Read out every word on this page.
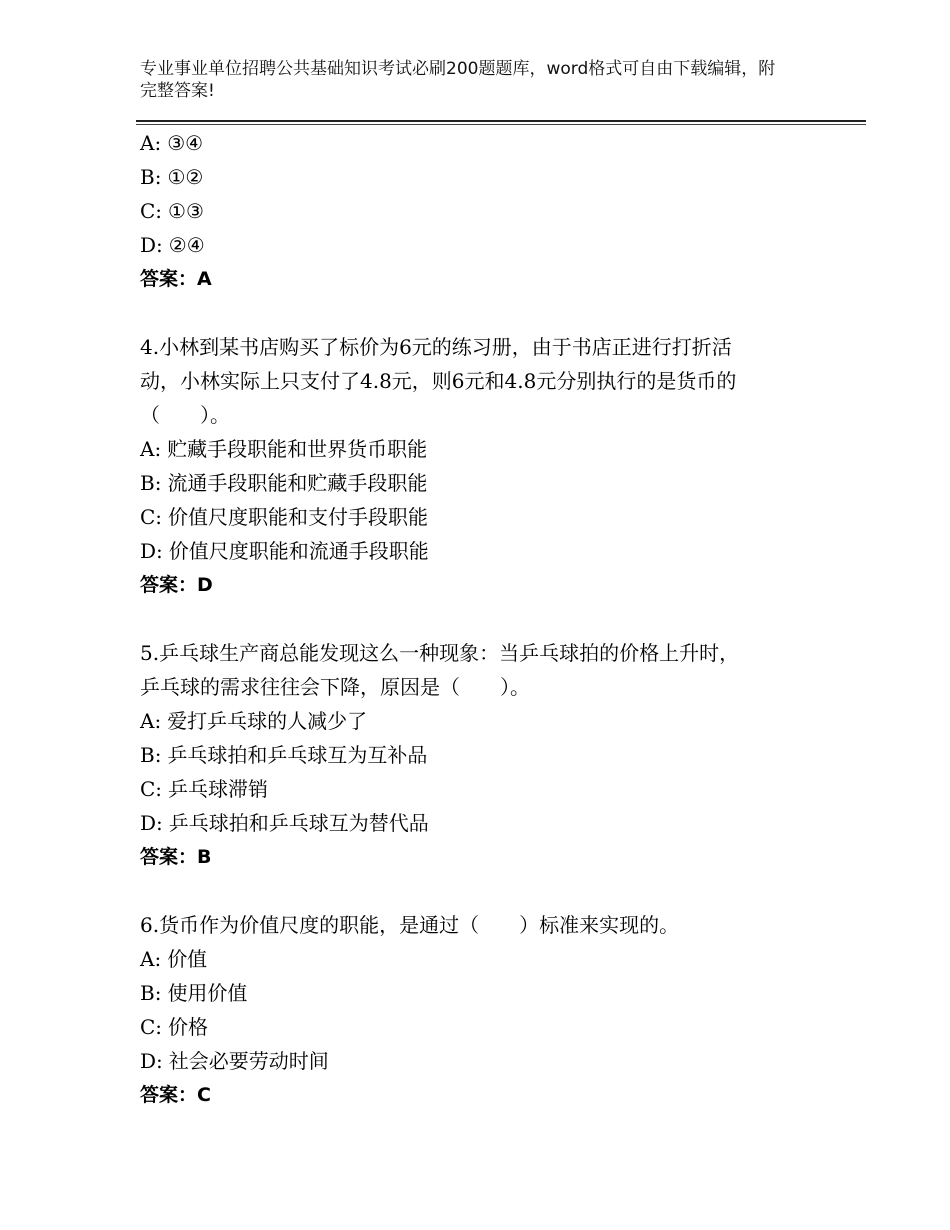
专业事业单位招聘公共基础知识考试必刷200题题库，word格式可自由下载编辑，附完整答案!
A: ③④
B: ①②
C: ①③
D: ②④
答案：A
4.小林到某书店购买了标价为6元的练习册，由于书店正进行打折活
动，小林实际上只支付了4.8元，则6元和4.8元分别执行的是货币的
（　　）。
A: 贮藏手段职能和世界货币职能
B: 流通手段职能和贮藏手段职能
C: 价值尺度职能和支付手段职能
D: 价值尺度职能和流通手段职能
答案：D
5.乒乓球生产商总能发现这么一种现象：当乒乓球拍的价格上升时，
乒乓球的需求往往会下降，原因是（　　）。
A: 爱打乒乓球的人减少了
B: 乒乓球拍和乒乓球互为互补品
C: 乒乓球滞销
D: 乒乓球拍和乒乓球互为替代品
答案：B
6.货币作为价值尺度的职能，是通过（　　）标准来实现的。
A: 价值
B: 使用价值
C: 价格
D: 社会必要劳动时间
答案：C
